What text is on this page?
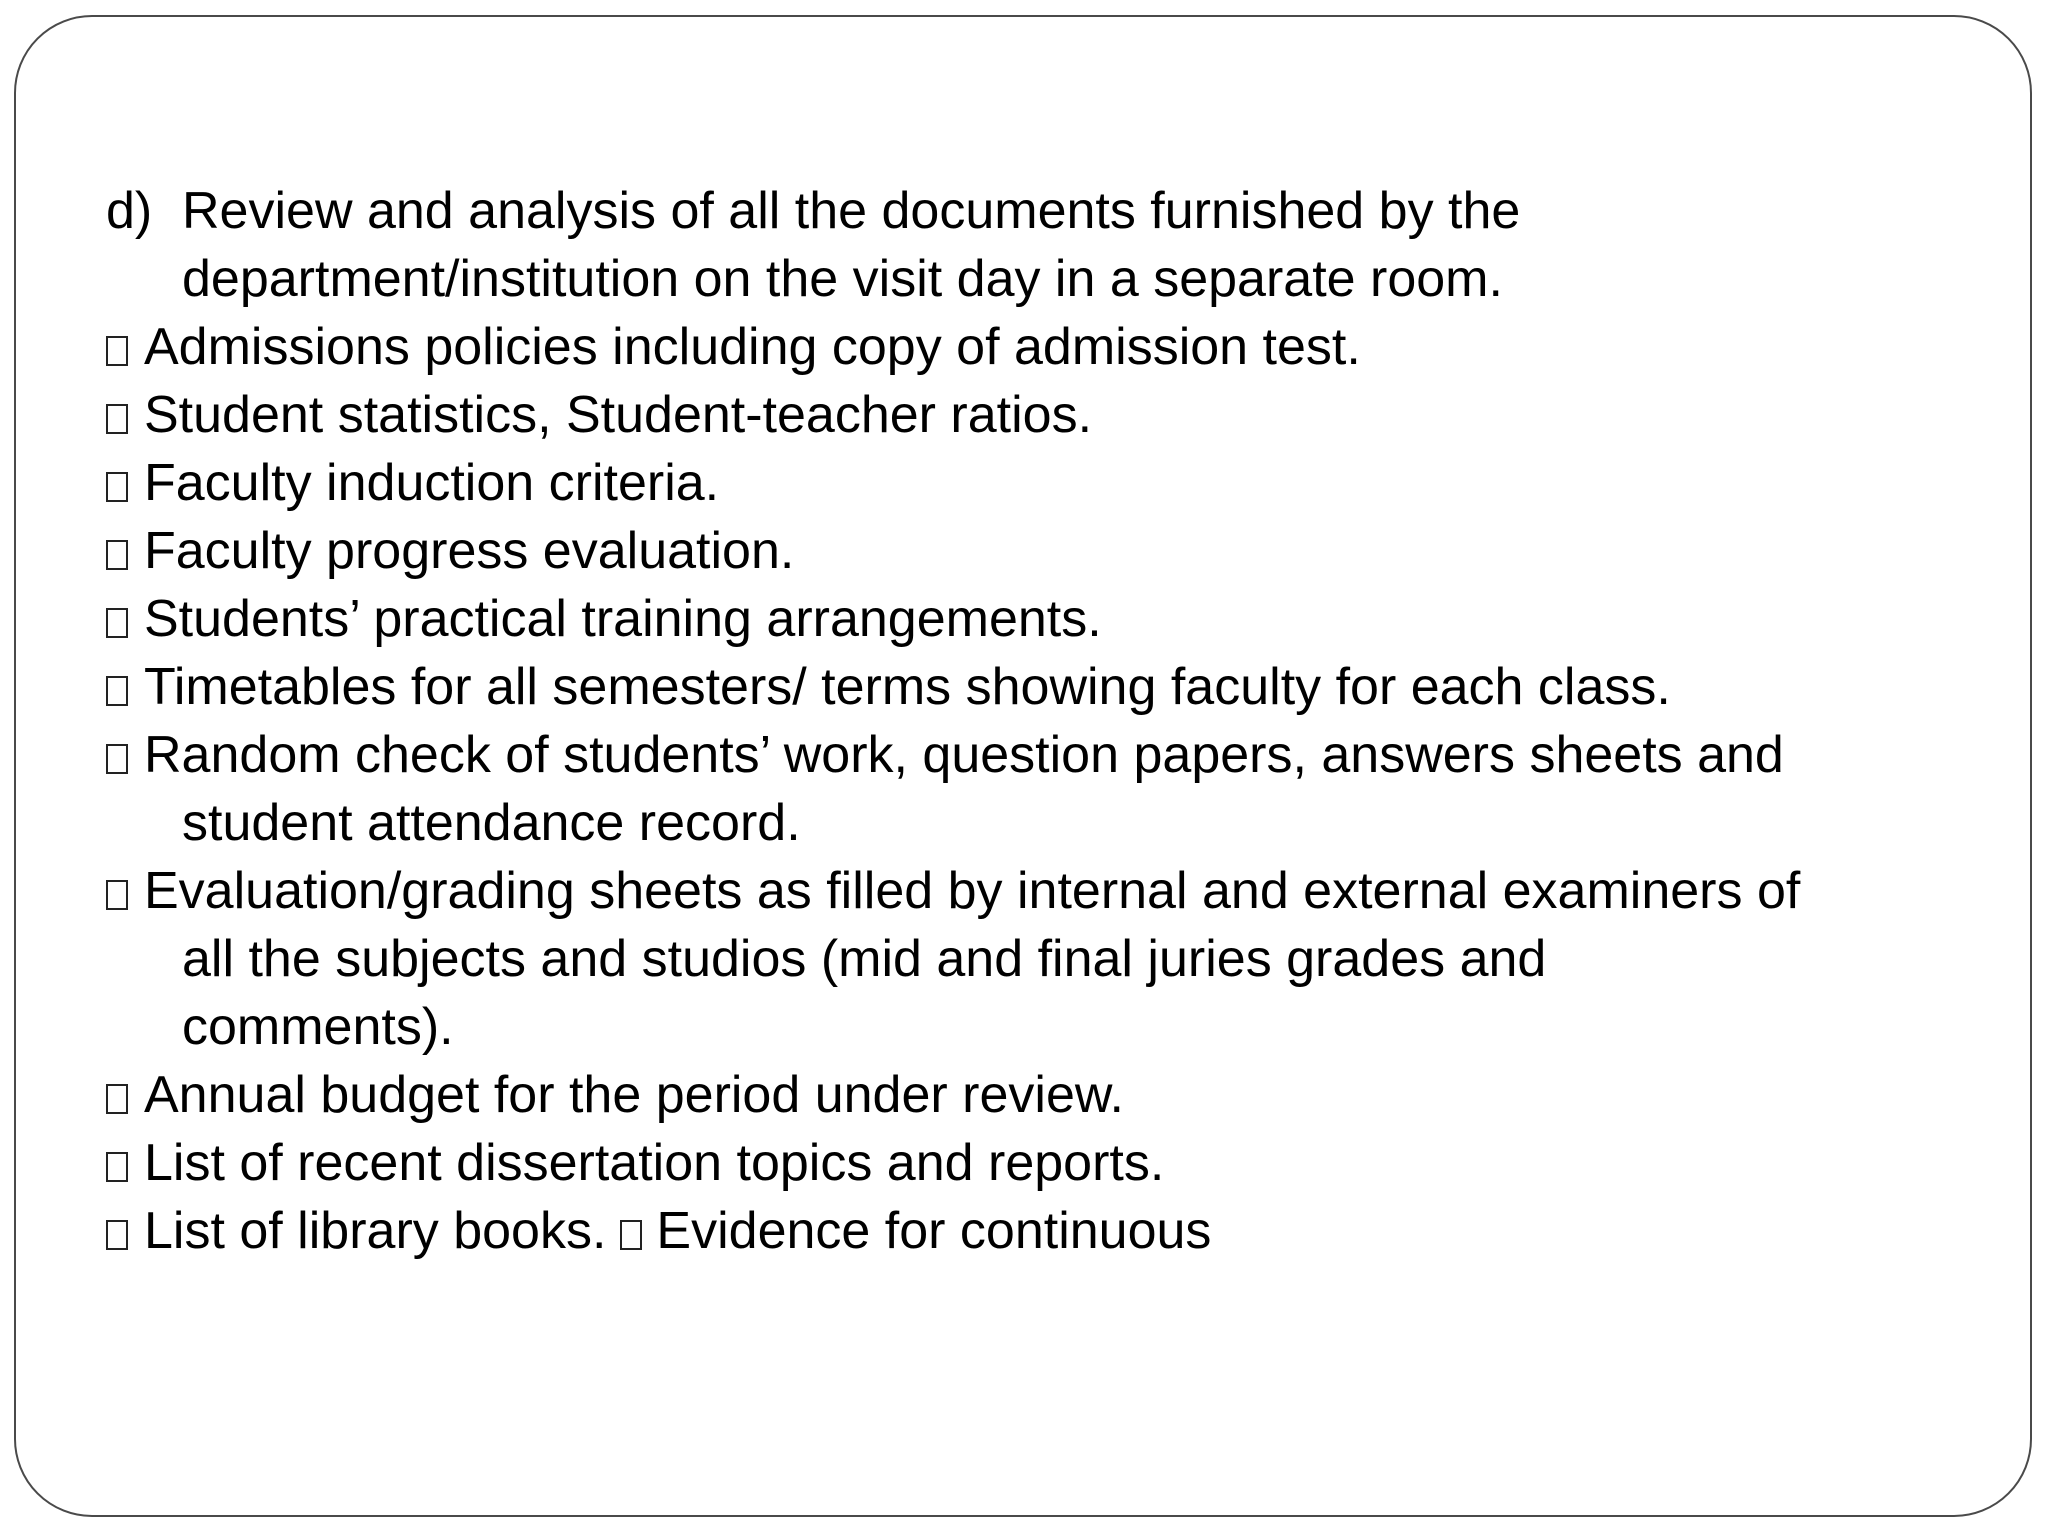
d) Review and analysis of all the documents furnished by the
department/institution on the visit day in a separate room.
Admissions policies including copy of admission test.
Student statistics, Student-teacher ratios.
Faculty induction criteria.
Faculty progress evaluation.
Students’ practical training arrangements.
Timetables for all semesters/ terms showing faculty for each class.
Random check of students’ work, question papers, answers sheets and
student attendance record.
Evaluation/grading sheets as filled by internal and external examiners of
all the subjects and studios (mid and final juries grades and
comments).
Annual budget for the period under review.
List of recent dissertation topics and reports.
List of library books. Evidence for continuous
